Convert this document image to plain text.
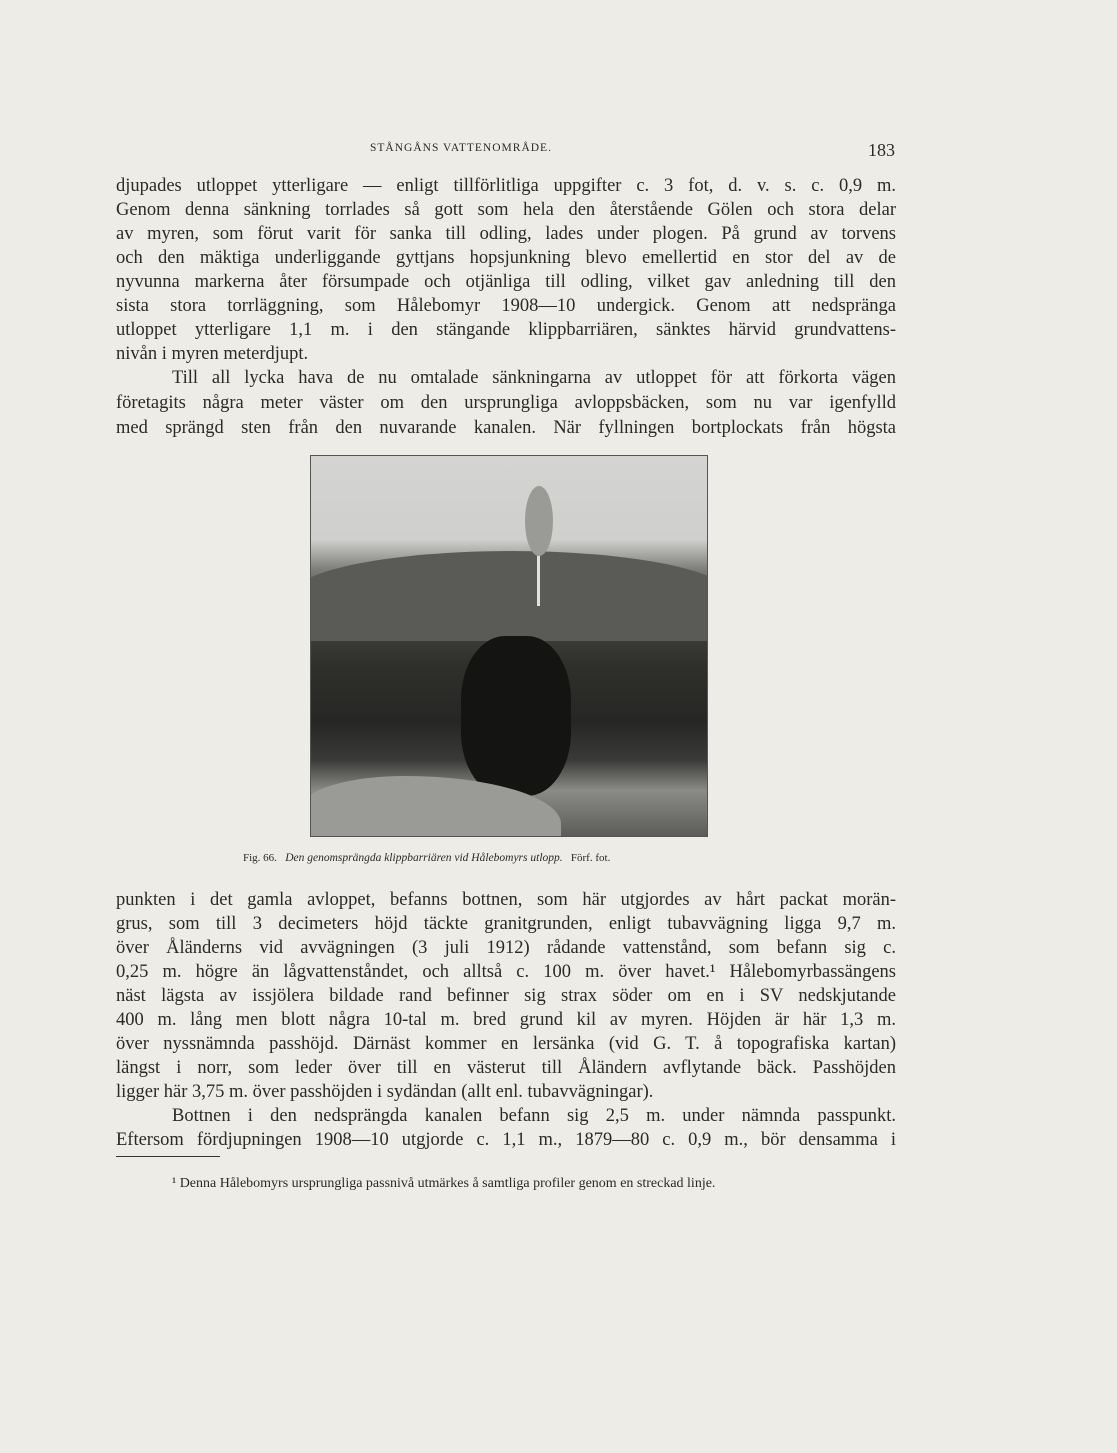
STÅNGÅNS VATTENOMRÅDE.	183
djupades utloppet ytterligare — enligt tillförlitliga uppgifter c. 3 fot, d. v. s. c. 0,9 m.
Genom denna sänkning torrlades så gott som hela den återstående Gölen och stora delar
av myren, som förut varit för sanka till odling, lades under plogen. På grund av torvens
och den mäktiga underliggande gyttjans hopsjunkning blevo emellertid en stor del av de
nyvunna markerna åter försumpade och otjänliga till odling, vilket gav anledning till den
sista stora torrläggning, som Hålebomyr 1908—10 undergick. Genom att nedspränga
utloppet ytterligare 1,1 m. i den stängande klippbarriären, sänktes härvid grundvattens-
nivån i myren meterdjupt.
Till all lycka hava de nu omtalade sänkningarna av utloppet för att förkorta vägen
företagits några meter väster om den ursprungliga avloppsbäcken, som nu var igenfylld
med sprängd sten från den nuvarande kanalen. När fyllningen bortplockats från högsta
Fig. 66. Den genomsprängda klippbarriären vid Hålebomyrs utlopp. Förf. fot.
punkten i det gamla avloppet, befanns bottnen, som här utgjordes av hårt packat morän-
grus, som till 3 decimeters höjd täckte granitgrunden, enligt tubavvägning ligga 9,7 m.
över Åländerns vid avvägningen (3 juli 1912) rådande vattenstånd, som befann sig c.
0,25 m. högre än lågvattenståndet, och alltså c. 100 m. över havet.¹ Hålebomyrbassängens
näst lägsta av issjölera bildade rand befinner sig strax söder om en i SV nedskjutande
400 m. lång men blott några 10-tal m. bred grund kil av myren. Höjden är här 1,3 m.
över nyssnämnda passhöjd. Därnäst kommer en lersänka (vid G. T. å topografiska kartan)
längst i norr, som leder över till en västerut till Åländern avflytande bäck. Passhöjden
ligger här 3,75 m. över passhöjden i sydändan (allt enl. tubavvägningar).
Bottnen i den nedsprängda kanalen befann sig 2,5 m. under nämnda passpunkt.
Eftersom fördjupningen 1908—10 utgjorde c. 1,1 m., 1879—80 c. 0,9 m., bör densamma i
¹ Denna Hålebomyrs ursprungliga passnivå utmärkes å samtliga profiler genom en streckad linje.
